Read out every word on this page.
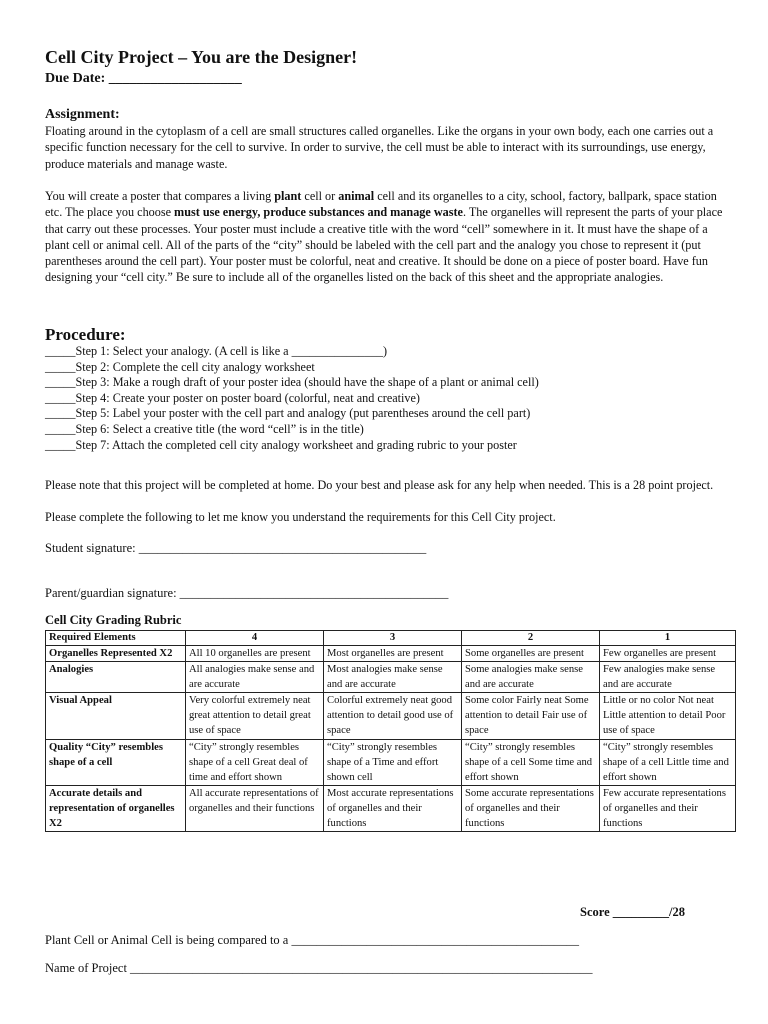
Cell City Project – You are the Designer!
Due Date: ___________________
Assignment:
Floating around in the cytoplasm of a cell are small structures called organelles. Like the organs in your own body, each one carries out a specific function necessary for the cell to survive. In order to survive, the cell must be able to interact with its surroundings, use energy, produce materials and manage waste.
You will create a poster that compares a living plant cell or animal cell and its organelles to a city, school, factory, ballpark, space station etc. The place you choose must use energy, produce substances and manage waste. The organelles will represent the parts of your place that carry out these processes. Your poster must include a creative title with the word “cell” somewhere in it. It must have the shape of a plant cell or animal cell. All of the parts of the “city” should be labeled with the cell part and the analogy you chose to represent it (put parentheses around the cell part). Your poster must be colorful, neat and creative. It should be done on a piece of poster board. Have fun designing your “cell city.” Be sure to include all of the organelles listed on the back of this sheet and the appropriate analogies.
Procedure:
_____Step 1: Select your analogy. (A cell is like a _______________)
_____Step 2: Complete the cell city analogy worksheet
_____Step 3: Make a rough draft of your poster idea (should have the shape of a plant or animal cell)
_____Step 4: Create your poster on poster board (colorful, neat and creative)
_____Step 5: Label your poster with the cell part and analogy (put parentheses around the cell part)
_____Step 6: Select a creative title (the word “cell” is in the title)
_____Step 7: Attach the completed cell city analogy worksheet and grading rubric to your poster
Please note that this project will be completed at home. Do your best and please ask for any help when needed. This is a 28 point project.
Please complete the following to let me know you understand the requirements for this Cell City project.
Student signature: ______________________________________________
Parent/guardian signature: ___________________________________________
Cell City Grading Rubric
Required Elements	4	3	2	1
Organelles Represented X2	All 10 organelles are present	Most organelles are present	Some organelles are present	Few organelles are present
Analogies	All analogies make sense and are accurate	Most analogies make sense and are accurate	Some analogies make sense and are accurate	Few analogies make sense and are accurate
Visual Appeal	Very colorful extremely neat great attention to detail great use of space	Colorful extremely neat good attention to detail good use of space	Some color Fairly neat Some attention to detail Fair use of space	Little or no color Not neat Little attention to detail Poor use of space
Quality “City” resembles shape of a cell	“City” strongly resembles shape of a cell Great deal of time and effort shown	“City” strongly resembles shape of a Time and effort shown cell	“City” strongly resembles shape of a cell Some time and effort shown	“City” strongly resembles shape of a cell Little time and effort shown
Accurate details and representation of organelles X2	All accurate representations of organelles and their functions	Most accurate representations of organelles and their functions	Some accurate representations of organelles and their functions	Few accurate representations of organelles and their functions
Score _________/28
Plant Cell or Animal Cell is being compared to a ______________________________________________
Name of Project __________________________________________________________________________
